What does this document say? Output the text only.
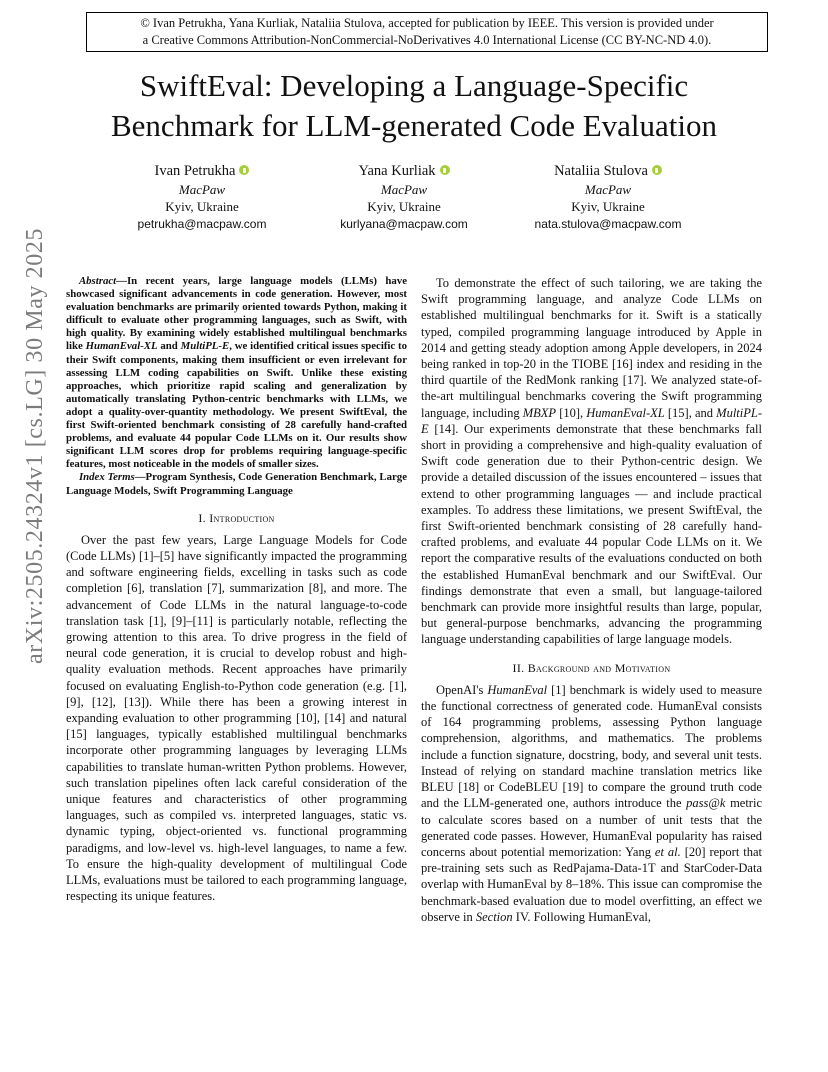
© Ivan Petrukha, Yana Kurliak, Nataliia Stulova, accepted for publication by IEEE. This version is provided under
a Creative Commons Attribution-NonCommercial-NoDerivatives 4.0 International License (CC BY-NC-ND 4.0).
SwiftEval: Developing a Language-Specific
Benchmark for LLM-generated Code Evaluation
Ivan Petrukha
MacPaw
Kyiv, Ukraine
petrukha@macpaw.com
Yana Kurliak
MacPaw
Kyiv, Ukraine
kurlyana@macpaw.com
Nataliia Stulova
MacPaw
Kyiv, Ukraine
nata.stulova@macpaw.com
arXiv:2505.24324v1 [cs.LG] 30 May 2025	Abstract—In recent years, large language models (LLMs) have showcased significant advancements in code generation. However, most evaluation benchmarks are primarily oriented towards Python, making it difficult to evaluate other programming languages, such as Swift, with high quality. By examining widely established multilingual benchmarks like HumanEval-XL and MultiPL-E, we identified critical issues specific to their Swift components, making them insufficient or even irrelevant for assessing LLM coding capabilities on Swift. Unlike these existing approaches, which prioritize rapid scaling and generalization by automatically translating Python-centric benchmarks with LLMs, we adopt a quality-over-quantity methodology. We present SwiftEval, the first Swift-oriented benchmark consisting of 28 carefully hand-crafted problems, and evaluate 44 popular Code LLMs on it. Our results show significant LLM scores drop for problems requiring language-specific features, most noticeable in the models of smaller sizes.

Index Terms—Program Synthesis, Code Generation Benchmark, Large Language Models, Swift Programming Language

I. Introduction

Over the past few years, Large Language Models for Code (Code LLMs) [1]–[5] have significantly impacted the programming and software engineering fields, excelling in tasks such as code completion [6], translation [7], summarization [8], and more. The advancement of Code LLMs in the natural language-to-code translation task [1], [9]–[11] is particularly notable, reflecting the growing attention to this area. To drive progress in the field of neural code generation, it is crucial to develop robust and high-quality evaluation methods. Recent approaches have primarily focused on evaluating English-to-Python code generation (e.g. [1], [9], [12], [13]). While there has been a growing interest in expanding evaluation to other programming [10], [14] and natural [15] languages, typically established multilingual benchmarks incorporate other programming languages by leveraging LLMs capabilities to translate human-written Python problems. However, such translation pipelines often lack careful consideration of the unique features and characteristics of other programming languages, such as compiled vs. interpreted languages, static vs. dynamic typing, object-oriented vs. functional programming paradigms, and low-level vs. high-level languages, to name a few. To ensure the high-quality development of multilingual Code LLMs, evaluations must be tailored to each programming language, respecting its unique features.

To demonstrate the effect of such tailoring, we are taking the Swift programming language, and analyze Code LLMs on established multilingual benchmarks for it. Swift is a statically typed, compiled programming language introduced by Apple in 2014 and getting steady adoption among Apple developers, in 2024 being ranked in top-20 in the TIOBE [16] index and residing in the third quartile of the RedMonk ranking [17]. We analyzed state-of-the-art multilingual benchmarks covering the Swift programming language, including MBXP [10], HumanEval-XL [15], and MultiPL-E [14]. Our experiments demonstrate that these benchmarks fall short in providing a comprehensive and high-quality evaluation of Swift code generation due to their Python-centric design. We provide a detailed discussion of the issues encountered – issues that extend to other programming languages — and include practical examples. To address these limitations, we present SwiftEval, the first Swift-oriented benchmark consisting of 28 carefully hand-crafted problems, and evaluate 44 popular Code LLMs on it. We report the comparative results of the evaluations conducted on both the established HumanEval benchmark and our SwiftEval. Our findings demonstrate that even a small, but language-tailored benchmark can provide more insightful results than large, popular, but general-purpose benchmarks, advancing the programming language understanding capabilities of large language models.

II. Background and Motivation

OpenAI's HumanEval [1] benchmark is widely used to measure the functional correctness of generated code. HumanEval consists of 164 programming problems, assessing Python language comprehension, algorithms, and mathematics. The problems include a function signature, docstring, body, and several unit tests. Instead of relying on standard machine translation metrics like BLEU [18] or CodeBLEU [19] to compare the ground truth code and the LLM-generated one, authors introduce the pass@k metric to calculate scores based on a number of unit tests that the generated code passes. However, HumanEval popularity has raised concerns about potential memorization: Yang et al. [20] report that pre-training sets such as RedPajama-Data-1T and StarCoder-Data overlap with HumanEval by 8–18%. This issue can compromise the benchmark-based evaluation due to model overfitting, an effect we observe in Section IV. Following HumanEval,
